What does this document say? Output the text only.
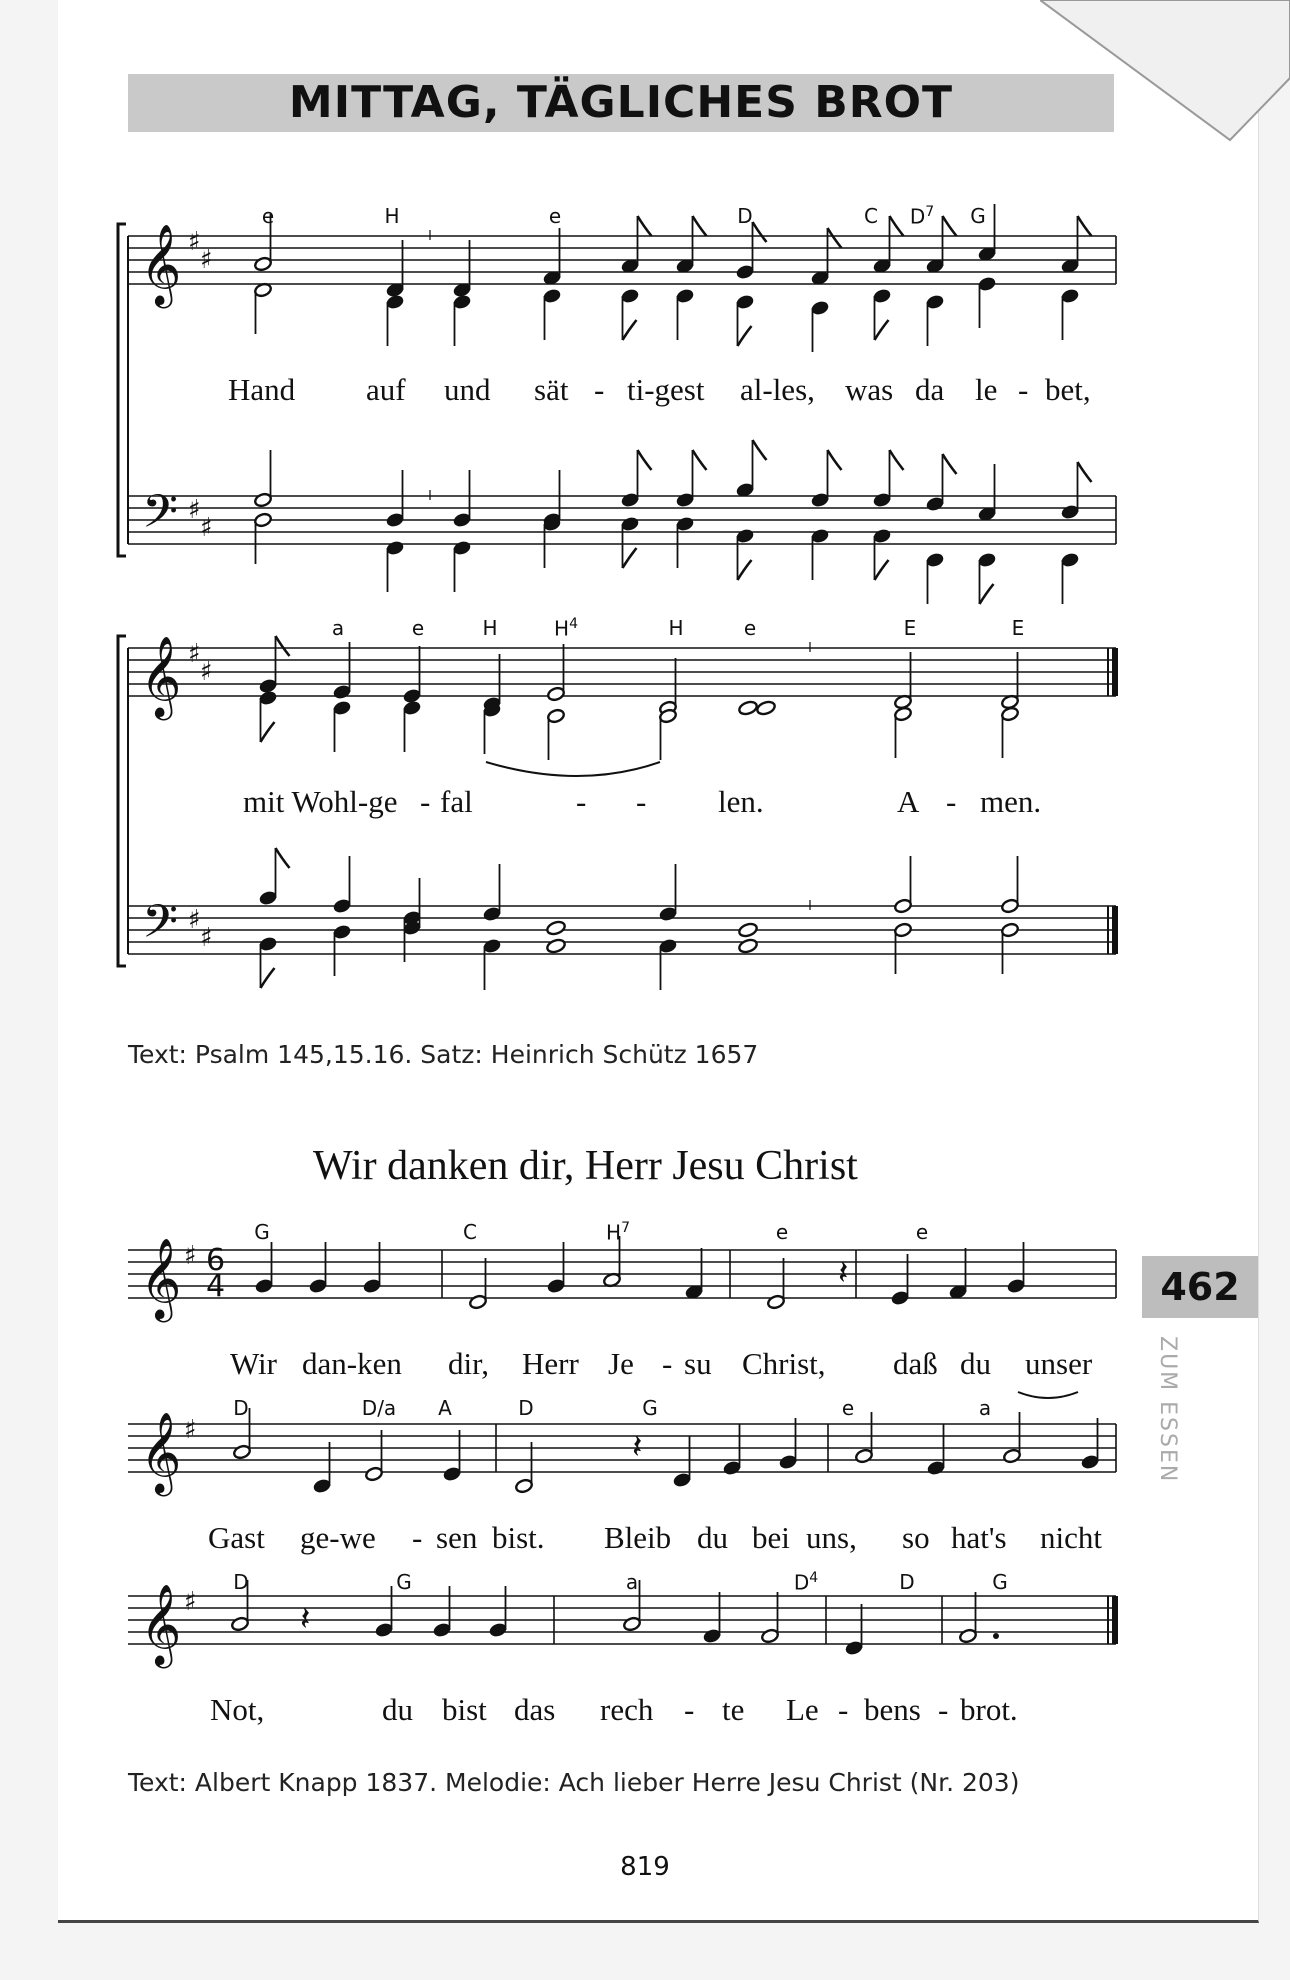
MITTAG, TÄGLICHES BROT
𝄞 ♯
♯
𝄢 ♯
♯
𝄞 ♯
♯
𝄢 ♯
♯
𝄞 ♯ 6
4	𝄽
𝄞 ♯	𝄽
𝄞 ♯	𝄽
e	H	e	D	C $D^7$ G
Hand auf und sät - ti-gest al-les, was da le - bet,
a	e	H	$H^4$	H	e	E	E
mit Wohl-ge - fal	- - len.	A - men.
Text: Psalm 145,15.16. Satz: Heinrich Schütz 1657
Wir danken dir, Herr Jesu Christ
462
ZUM ESSEN
G	C	$H^7$	e	e
Wir dan-ken dir, Herr Je - su Christ, daß du unser
D	D/a A	D	G	e	a
Gast ge-we - sen bist. Bleib du bei uns, so hat's nicht
D	G	a	$D^4$	D	G
Not,	du bist das rech - te Le - bens - brot.
Text: Albert Knapp 1837. Melodie: Ach lieber Herre Jesu Christ (Nr. 203)
819
